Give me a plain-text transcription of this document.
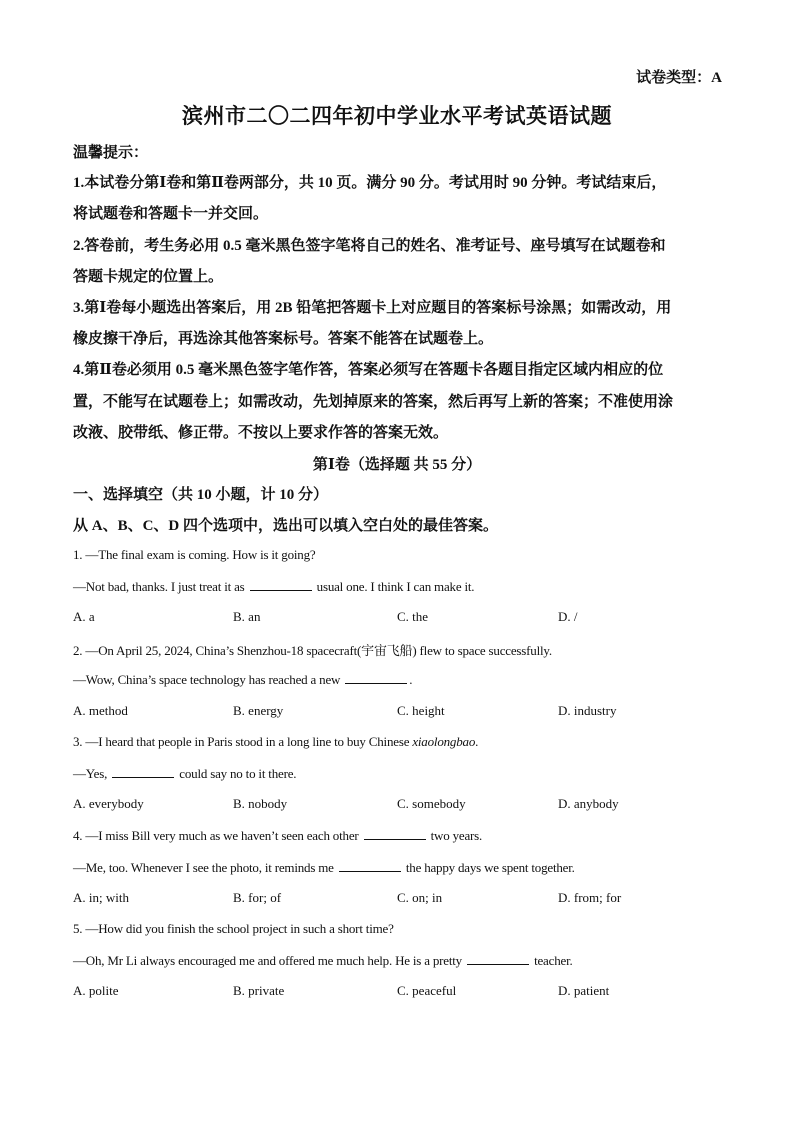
试卷类型：A
滨州市二〇二四年初中学业水平考试英语试题
温馨提示：
1.本试卷分第Ⅰ卷和第Ⅱ卷两部分，共 10 页。满分 90 分。考试用时 90 分钟。考试结束后，
将试题卷和答题卡一并交回。
2.答卷前，考生务必用 0.5 毫米黑色签字笔将自己的姓名、准考证号、座号填写在试题卷和
答题卡规定的位置上。
3.第Ⅰ卷每小题选出答案后，用 2B 铅笔把答题卡上对应题目的答案标号涂黑；如需改动，用
橡皮擦干净后，再选涂其他答案标号。答案不能答在试题卷上。
4.第Ⅱ卷必须用 0.5 毫米黑色签字笔作答，答案必须写在答题卡各题目指定区域内相应的位
置，不能写在试题卷上；如需改动，先划掉原来的答案，然后再写上新的答案；不准使用涂
改液、胶带纸、修正带。不按以上要求作答的答案无效。
第Ⅰ卷（选择题 共 55 分）
一、选择填空（共 10 小题，计 10 分）
从 A、B、C、D 四个选项中，选出可以填入空白处的最佳答案。
1. —The final exam is coming. How is it going?
—Not bad, thanks. I just treat it as	usual one. I think I can make it.
A. a	B. an	C. the	D. /
2. —On April 25, 2024, China’s Shenzhou-18 spacecraft(宇宙飞船) flew to space successfully.
—Wow, China’s space technology has reached a new	.
A. method	B. energy	C. height	D. industry
3. —I heard that people in Paris stood in a long line to buy Chinese xiaolongbao.
—Yes,	could say no to it there.
A. everybody	B. nobody	C. somebody	D. anybody
4. —I miss Bill very much as we haven’t seen each other	two years.
—Me, too. Whenever I see the photo, it reminds me	the happy days we spent together.
A. in; with	B. for; of	C. on; in	D. from; for
5. —How did you finish the school project in such a short time?
—Oh, Mr Li always encouraged me and offered me much help. He is a pretty	teacher.
A. polite	B. private	C. peaceful	D. patient
